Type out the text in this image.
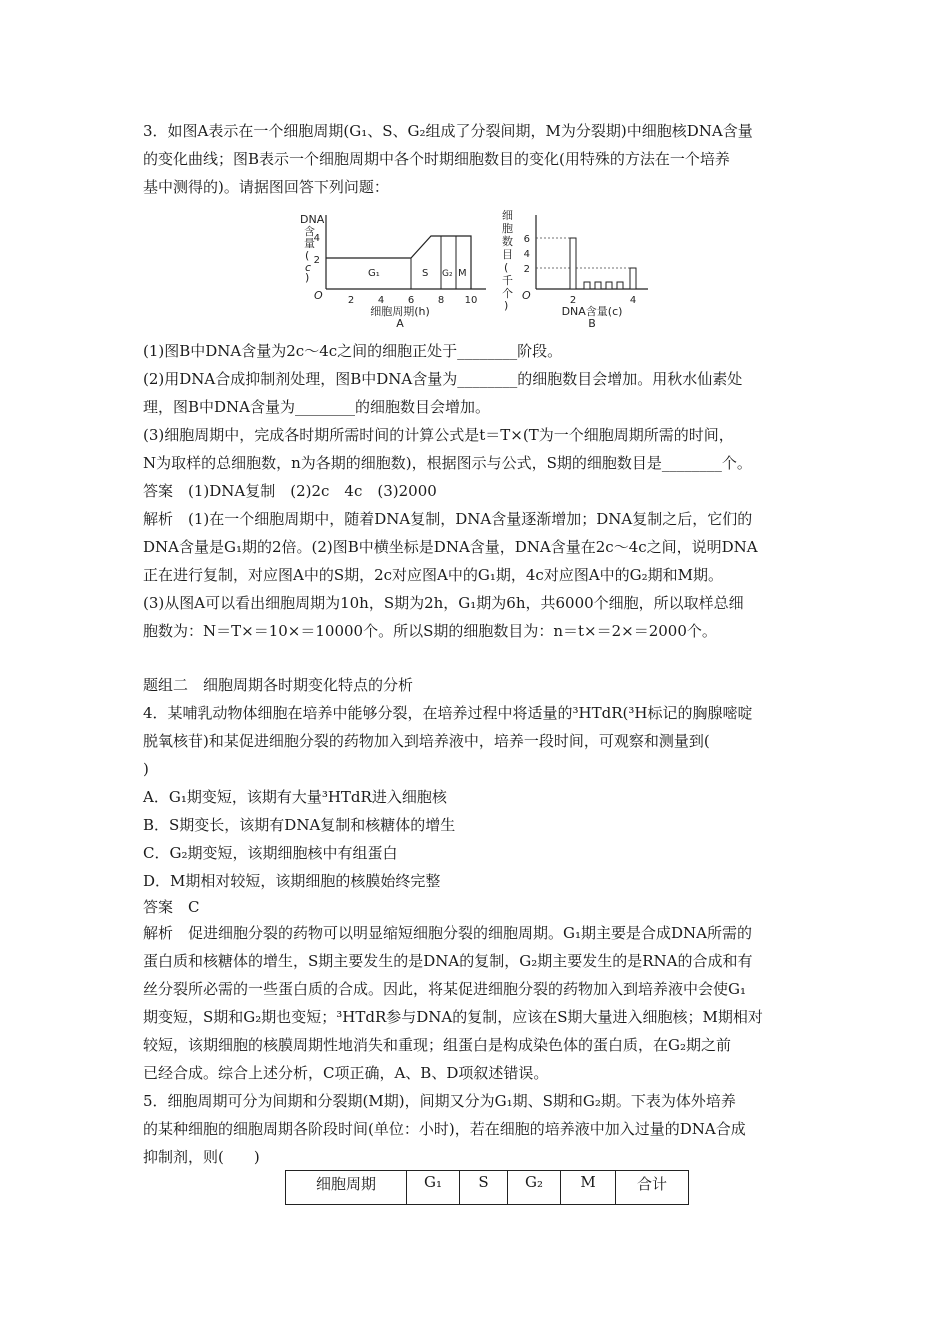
3．如图A表示在一个细胞周期(G₁、S、G₂组成了分裂间期，M为分裂期)中细胞核DNA含量
的变化曲线；图B表示一个细胞周期中各个时期细胞数目的变化(用特殊的方法在一个培养
基中测得的)。请据图回答下列问题：
DNA
含
量
(
c
)
4
2
O	2 4 6 8 10
G₁	S G₂ M
细胞周期(h)
A
细
胞
数
目
(
千
个
)
6
4
2
O	2	4
DNA含量(c)
B
(1)图B中DNA含量为2c～4c之间的细胞正处于________阶段。
(2)用DNA合成抑制剂处理，图B中DNA含量为________的细胞数目会增加。用秋水仙素处
理，图B中DNA含量为________的细胞数目会增加。
(3)细胞周期中，完成各时期所需时间的计算公式是t＝T×(T为一个细胞周期所需的时间，
N为取样的总细胞数，n为各期的细胞数)，根据图示与公式，S期的细胞数目是________个。
答案　(1)DNA复制　(2)2c　4c　(3)2000
解析　(1)在一个细胞周期中，随着DNA复制，DNA含量逐渐增加；DNA复制之后，它们的
DNA含量是G₁期的2倍。(2)图B中横坐标是DNA含量，DNA含量在2c～4c之间，说明DNA
正在进行复制，对应图A中的S期，2c对应图A中的G₁期，4c对应图A中的G₂期和M期。
(3)从图A可以看出细胞周期为10h，S期为2h，G₁期为6h，共6000个细胞，所以取样总细
胞数为：N＝T×＝10×＝10000个。所以S期的细胞数目为：n＝t×＝2×＝2000个。
题组二　细胞周期各时期变化特点的分析
4．某哺乳动物体细胞在培养中能够分裂，在培养过程中将适量的³HTdR(³H标记的胸腺嘧啶
脱氧核苷)和某促进细胞分裂的药物加入到培养液中，培养一段时间，可观察和测量到(
)
A．G₁期变短，该期有大量³HTdR进入细胞核
B．S期变长，该期有DNA复制和核糖体的增生
C．G₂期变短，该期细胞核中有组蛋白
D．M期相对较短，该期细胞的核膜始终完整
答案　C
解析　促进细胞分裂的药物可以明显缩短细胞分裂的细胞周期。G₁期主要是合成DNA所需的
蛋白质和核糖体的增生，S期主要发生的是DNA的复制，G₂期主要发生的是RNA的合成和有
丝分裂所必需的一些蛋白质的合成。因此，将某促进细胞分裂的药物加入到培养液中会使G₁
期变短，S期和G₂期也变短；³HTdR参与DNA的复制，应该在S期大量进入细胞核；M期相对
较短，该期细胞的核膜周期性地消失和重现；组蛋白是构成染色体的蛋白质，在G₂期之前
已经合成。综合上述分析，C项正确，A、B、D项叙述错误。
5．细胞周期可分为间期和分裂期(M期)，间期又分为G₁期、S期和G₂期。下表为体外培养
的某种细胞的细胞周期各阶段时间(单位：小时)，若在细胞的培养液中加入过量的DNA合成
抑制剂，则(　　)
细胞周期	G₁	S	G₂	M	合计
